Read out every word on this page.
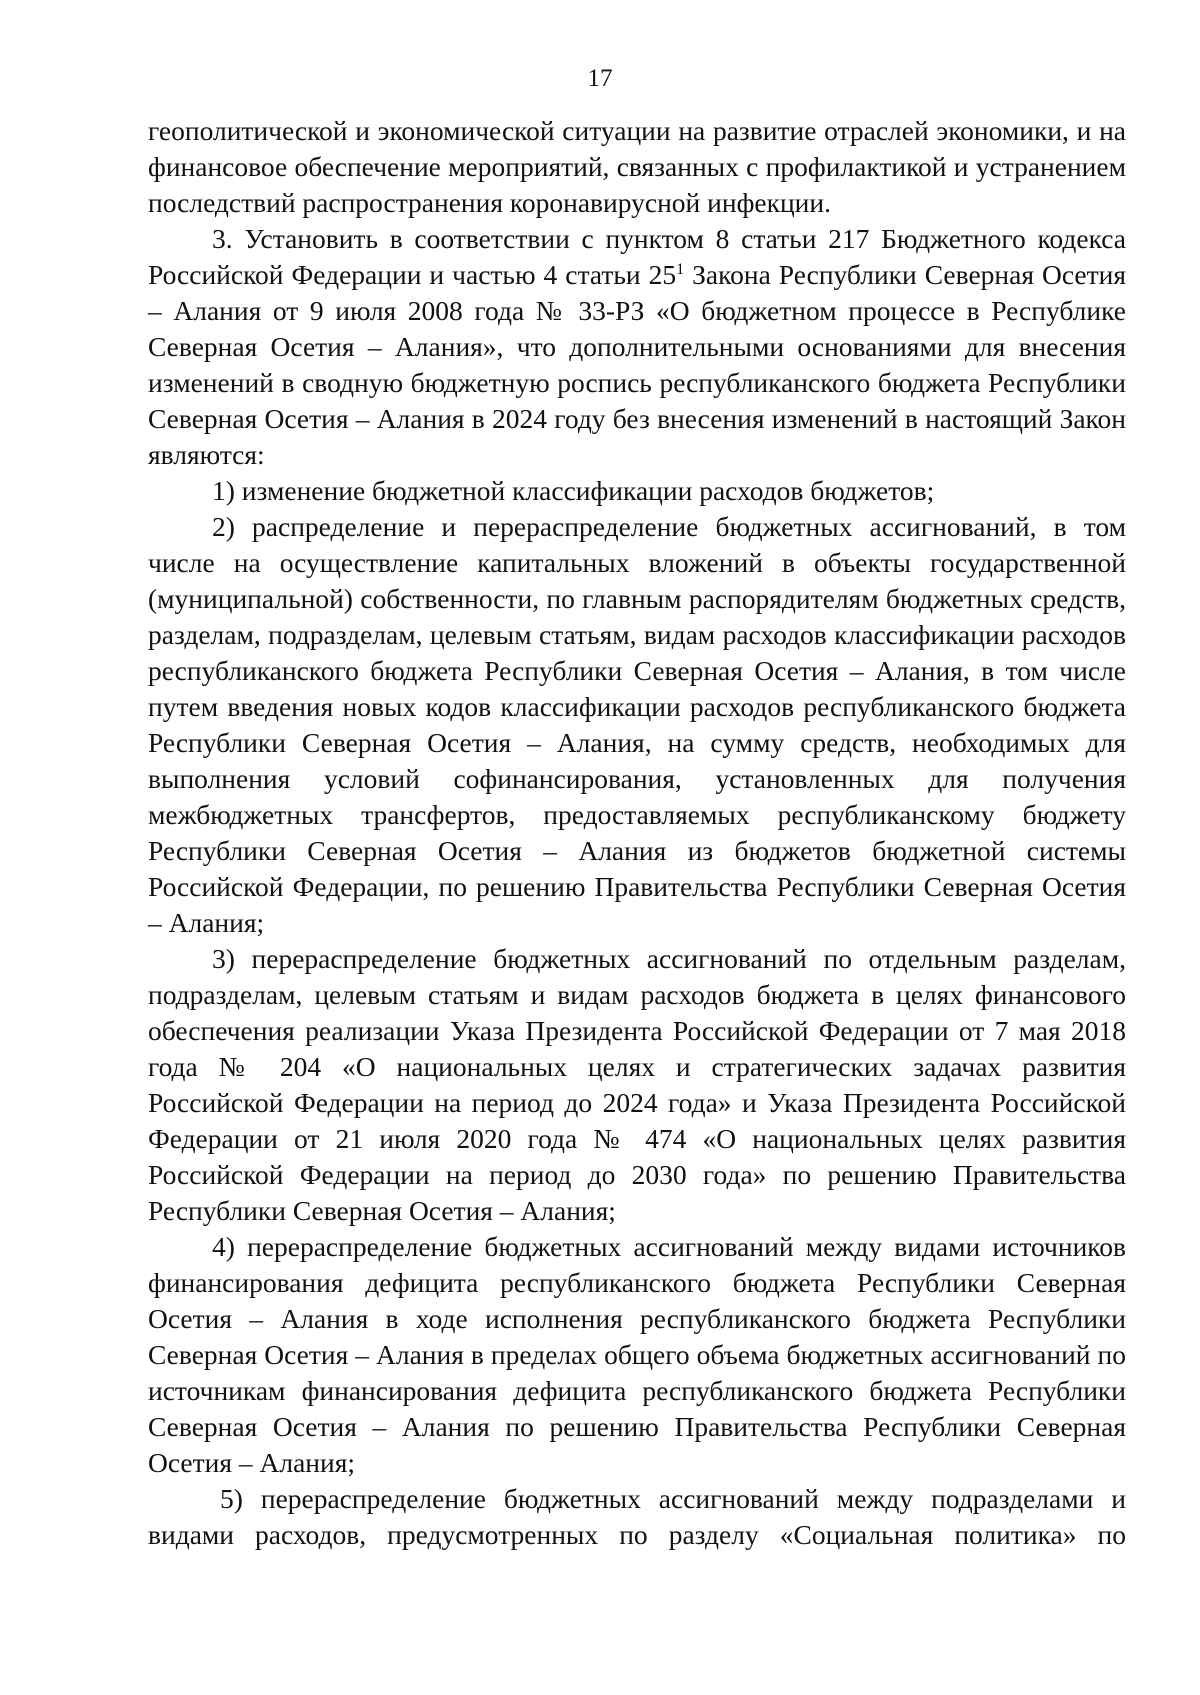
17

геополитической и экономической ситуации на развитие отраслей экономики, и на финансовое обеспечение мероприятий, связанных с профилактикой и устранением последствий распространения коронавирусной инфекции.

3. Установить в соответствии с пунктом 8 статьи 217 Бюджетного кодекса Российской Федерации и частью 4 статьи $25^1$ Закона Республики Северная Осетия – Алания от 9 июля 2008 года № 33-РЗ «О бюджетном процессе в Республике Северная Осетия – Алания», что дополнительными основаниями для внесения изменений в сводную бюджетную роспись республиканского бюджета Республики Северная Осетия – Алания в 2024 году без внесения изменений в настоящий Закон являются:

1) изменение бюджетной классификации расходов бюджетов;

2) распределение и перераспределение бюджетных ассигнований, в том числе на осуществление капитальных вложений в объекты государственной (муниципальной) собственности, по главным распорядителям бюджетных средств, разделам, подразделам, целевым статьям, видам расходов классификации расходов республиканского бюджета Республики Северная Осетия – Алания, в том числе путем введения новых кодов классификации расходов республиканского бюджета Республики Северная Осетия – Алания, на сумму средств, необходимых для выполнения условий софинансирования, установленных для получения межбюджетных трансфертов, предоставляемых республиканскому бюджету Республики Северная Осетия – Алания из бюджетов бюджетной системы Российской Федерации, по решению Правительства Республики Северная Осетия – Алания;

3) перераспределение бюджетных ассигнований по отдельным разделам, подразделам, целевым статьям и видам расходов бюджета в целях финансового обеспечения реализации Указа Президента Российской Федерации от 7 мая 2018 года № 204 «О национальных целях и стратегических задачах развития Российской Федерации на период до 2024 года» и Указа Президента Российской Федерации от 21 июля 2020 года № 474 «О национальных целях развития Российской Федерации на период до 2030 года» по решению Правительства Республики Северная Осетия – Алания;

4) перераспределение бюджетных ассигнований между видами источников финансирования дефицита республиканского бюджета Республики Северная Осетия – Алания в ходе исполнения республиканского бюджета Республики Северная Осетия – Алания в пределах общего объема бюджетных ассигнований по источникам финансирования дефицита республиканского бюджета Республики Северная Осетия – Алания по решению Правительства Республики Северная Осетия – Алания;

5) перераспределение бюджетных ассигнований между подразделами и видами расходов, предусмотренных по разделу «Социальная политика» по
